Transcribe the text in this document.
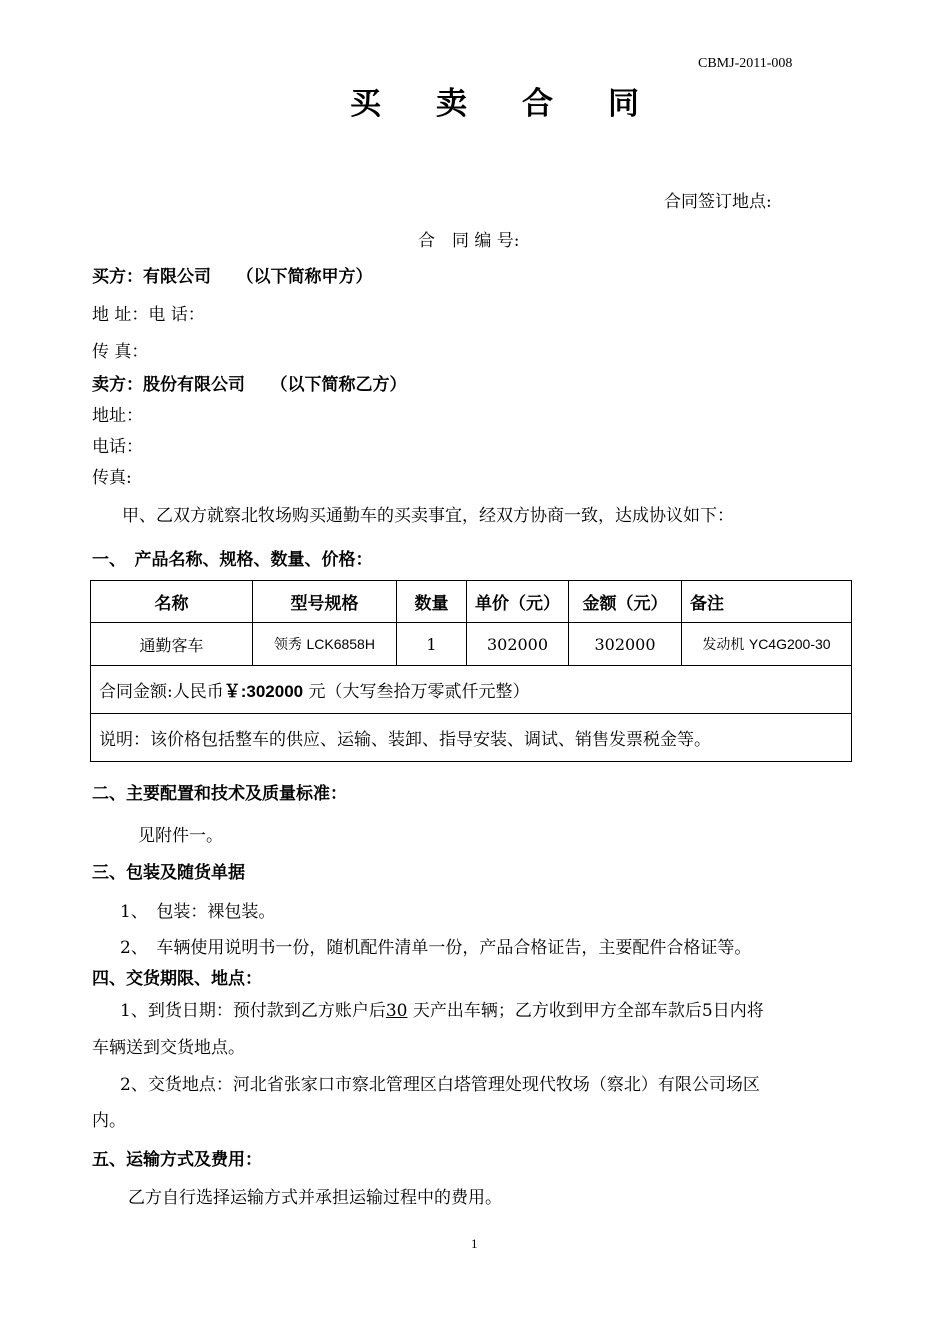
CBMJ-2011-008
买卖合同
合同签订地点:
合　同 编 号:
买方：有限公司　　（以下简称甲方）
地 址：电 话：
传 真：
卖方：股份有限公司　　（以下简称乙方）
地址：
电话：
传真:
甲、乙双方就察北牧场购买通勤车的买卖事宜，经双方协商一致，达成协议如下：
一、　产品名称、规格、数量、价格：
名称	型号规格	数量	单价（元）	金额（元）	备注
通勤客车	领秀 LCK6858H	1	302000	302000	发动机 YC4G200-30
合同金额:人民币￥:302000 元（大写叁拾万零贰仟元整）					
说明：该价格包括整车的供应、运输、装卸、指导安装、调试、销售发票税金等。					
二、主要配置和技术及质量标准：
见附件一。
三、包装及随货单据
1、　包装：裸包装。
2、　车辆使用说明书一份，随机配件清单一份，产品合格证告，主要配件合格证等。
四、交货期限、地点：
1、到货日期：预付款到乙方账户后30 天产出车辆；乙方收到甲方全部车款后5日内将
车辆送到交货地点。
2、交货地点：河北省张家口市察北管理区白塔管理处现代牧场（察北）有限公司场区
内。
五、运输方式及费用：
乙方自行选择运输方式并承担运输过程中的费用。
1
